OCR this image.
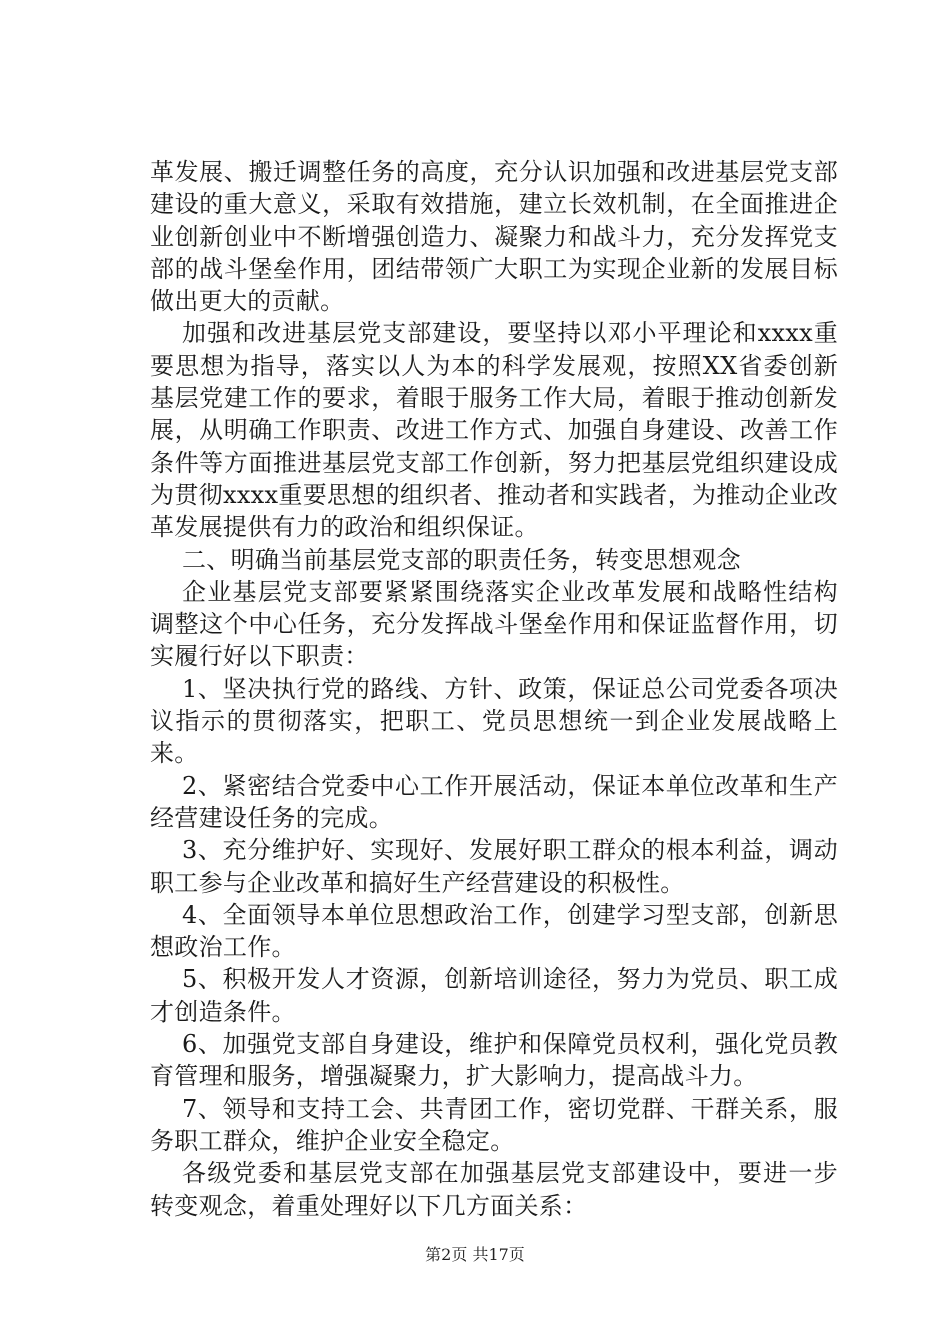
革发展、搬迁调整任务的高度，充分认识加强和改进基层党支部建设的重大意义，采取有效措施，建立长效机制，在全面推进企业创新创业中不断增强创造力、凝聚力和战斗力，充分发挥党支部的战斗堡垒作用，团结带领广大职工为实现企业新的发展目标做出更大的贡献。

加强和改进基层党支部建设，要坚持以邓小平理论和xxxx重要思想为指导，落实以人为本的科学发展观，按照XX省委创新基层党建工作的要求，着眼于服务工作大局，着眼于推动创新发展，从明确工作职责、改进工作方式、加强自身建设、改善工作条件等方面推进基层党支部工作创新，努力把基层党组织建设成为贯彻xxxx重要思想的组织者、推动者和实践者，为推动企业改革发展提供有力的政治和组织保证。

二、明确当前基层党支部的职责任务，转变思想观念

企业基层党支部要紧紧围绕落实企业改革发展和战略性结构调整这个中心任务，充分发挥战斗堡垒作用和保证监督作用，切实履行好以下职责：

1、坚决执行党的路线、方针、政策，保证总公司党委各项决议指示的贯彻落实，把职工、党员思想统一到企业发展战略上来。

2、紧密结合党委中心工作开展活动，保证本单位改革和生产经营建设任务的完成。

3、充分维护好、实现好、发展好职工群众的根本利益，调动职工参与企业改革和搞好生产经营建设的积极性。

4、全面领导本单位思想政治工作，创建学习型支部，创新思想政治工作。

5、积极开发人才资源，创新培训途径，努力为党员、职工成才创造条件。

6、加强党支部自身建设，维护和保障党员权利，强化党员教育管理和服务，增强凝聚力，扩大影响力，提高战斗力。

7、领导和支持工会、共青团工作，密切党群、干群关系，服务职工群众，维护企业安全稳定。

各级党委和基层党支部在加强基层党支部建设中，要进一步转变观念，着重处理好以下几方面关系：

第2页 共17页
